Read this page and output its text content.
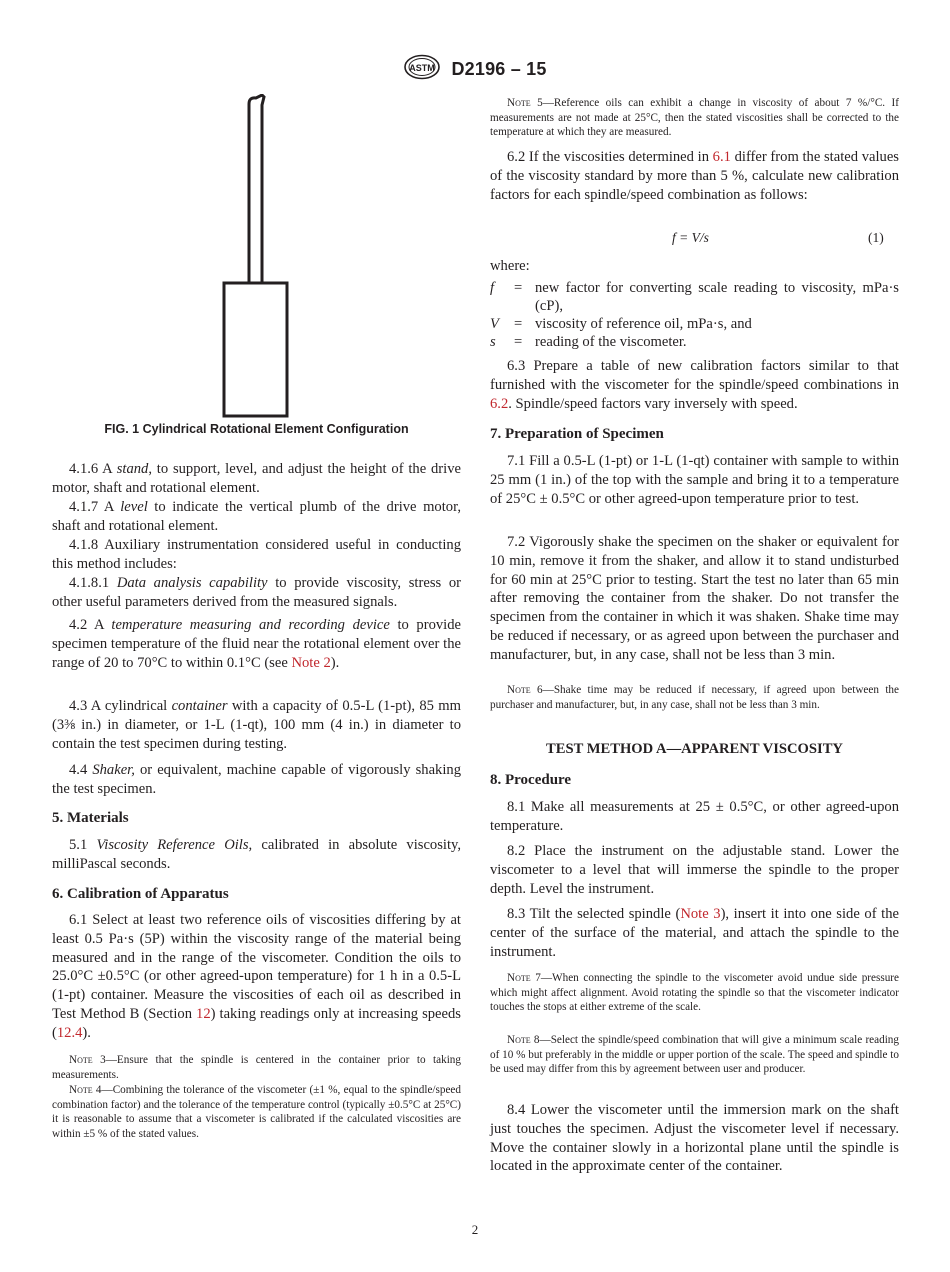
ASTM D2196 – 15
FIG. 1 Cylindrical Rotational Element Configuration

4.1.6 A stand, to support, level, and adjust the height of the drive motor, shaft and rotational element.

4.1.7 A level to indicate the vertical plumb of the drive motor, shaft and rotational element.

4.1.8 Auxiliary instrumentation considered useful in conducting this method includes:

4.1.8.1 Data analysis capability to provide viscosity, stress or other useful parameters derived from the measured signals.

4.2 A temperature measuring and recording device to provide specimen temperature of the fluid near the rotational element over the range of 20 to 70°C to within 0.1°C (see Note 2).

4.3 A cylindrical container with a capacity of 0.5-L (1-pt), 85 mm (3⅜ in.) in diameter, or 1-L (1-qt), 100 mm (4 in.) in diameter to contain the test specimen during testing.

4.4 Shaker, or equivalent, machine capable of vigorously shaking the test specimen.

5. Materials

5.1 Viscosity Reference Oils, calibrated in absolute viscosity, milliPascal seconds.

6. Calibration of Apparatus

6.1 Select at least two reference oils of viscosities differing by at least 0.5 Pa·s (5P) within the viscosity range of the material being measured and in the range of the viscometer. Condition the oils to 25.0°C ±0.5°C (or other agreed-upon temperature) for 1 h in a 0.5-L (1-pt) container. Measure the viscosities of each oil as described in Test Method B (Section 12) taking readings only at increasing speeds (12.4).

Note 3—Ensure that the spindle is centered in the container prior to taking measurements.

Note 4—Combining the tolerance of the viscometer (±1 %, equal to the spindle/speed combination factor) and the tolerance of the temperature control (typically ±0.5°C at 25°C) it is reasonable to assume that a viscometer is calibrated if the calculated viscosities are within ±5 % of the stated values.

Note 5—Reference oils can exhibit a change in viscosity of about 7 %/°C. If measurements are not made at 25°C, then the stated viscosities shall be corrected to the temperature at which they are measured.

6.2 If the viscosities determined in 6.1 differ from the stated values of the viscosity standard by more than 5 %, calculate new calibration factors for each spindle/speed combination as follows:

f = V/s	(1)

where:

f = new factor for converting scale reading to viscosity, mPa·s (cP),
V = viscosity of reference oil, mPa·s, and
s = reading of the viscometer.

6.3 Prepare a table of new calibration factors similar to that furnished with the viscometer for the spindle/speed combinations in 6.2. Spindle/speed factors vary inversely with speed.

7. Preparation of Specimen

7.1 Fill a 0.5-L (1-pt) or 1-L (1-qt) container with sample to within 25 mm (1 in.) of the top with the sample and bring it to a temperature of 25°C ± 0.5°C or other agreed-upon temperature prior to test.

7.2 Vigorously shake the specimen on the shaker or equivalent for 10 min, remove it from the shaker, and allow it to stand undisturbed for 60 min at 25°C prior to testing. Start the test no later than 65 min after removing the container from the shaker. Do not transfer the specimen from the container in which it was shaken. Shake time may be reduced if necessary, or as agreed upon between the purchaser and manufacturer, but, in any case, shall not be less than 3 min.

Note 6—Shake time may be reduced if necessary, if agreed upon between the purchaser and manufacturer, but, in any case, shall not be less than 3 min.

TEST METHOD A—APPARENT VISCOSITY
8. Procedure

8.1 Make all measurements at 25 ± 0.5°C, or other agreed-upon temperature.

8.2 Place the instrument on the adjustable stand. Lower the viscometer to a level that will immerse the spindle to the proper depth. Level the instrument.

8.3 Tilt the selected spindle (Note 3), insert it into one side of the center of the surface of the material, and attach the spindle to the instrument.

Note 7—When connecting the spindle to the viscometer avoid undue side pressure which might affect alignment. Avoid rotating the spindle so that the viscometer indicator touches the stops at either extreme of the scale.

Note 8—Select the spindle/speed combination that will give a minimum scale reading of 10 % but preferably in the middle or upper portion of the scale. The speed and spindle to be used may differ from this by agreement between user and producer.

8.4 Lower the viscometer until the immersion mark on the shaft just touches the specimen. Adjust the viscometer level if necessary. Move the container slowly in a horizontal plane until the spindle is located in the approximate center of the container.

2
